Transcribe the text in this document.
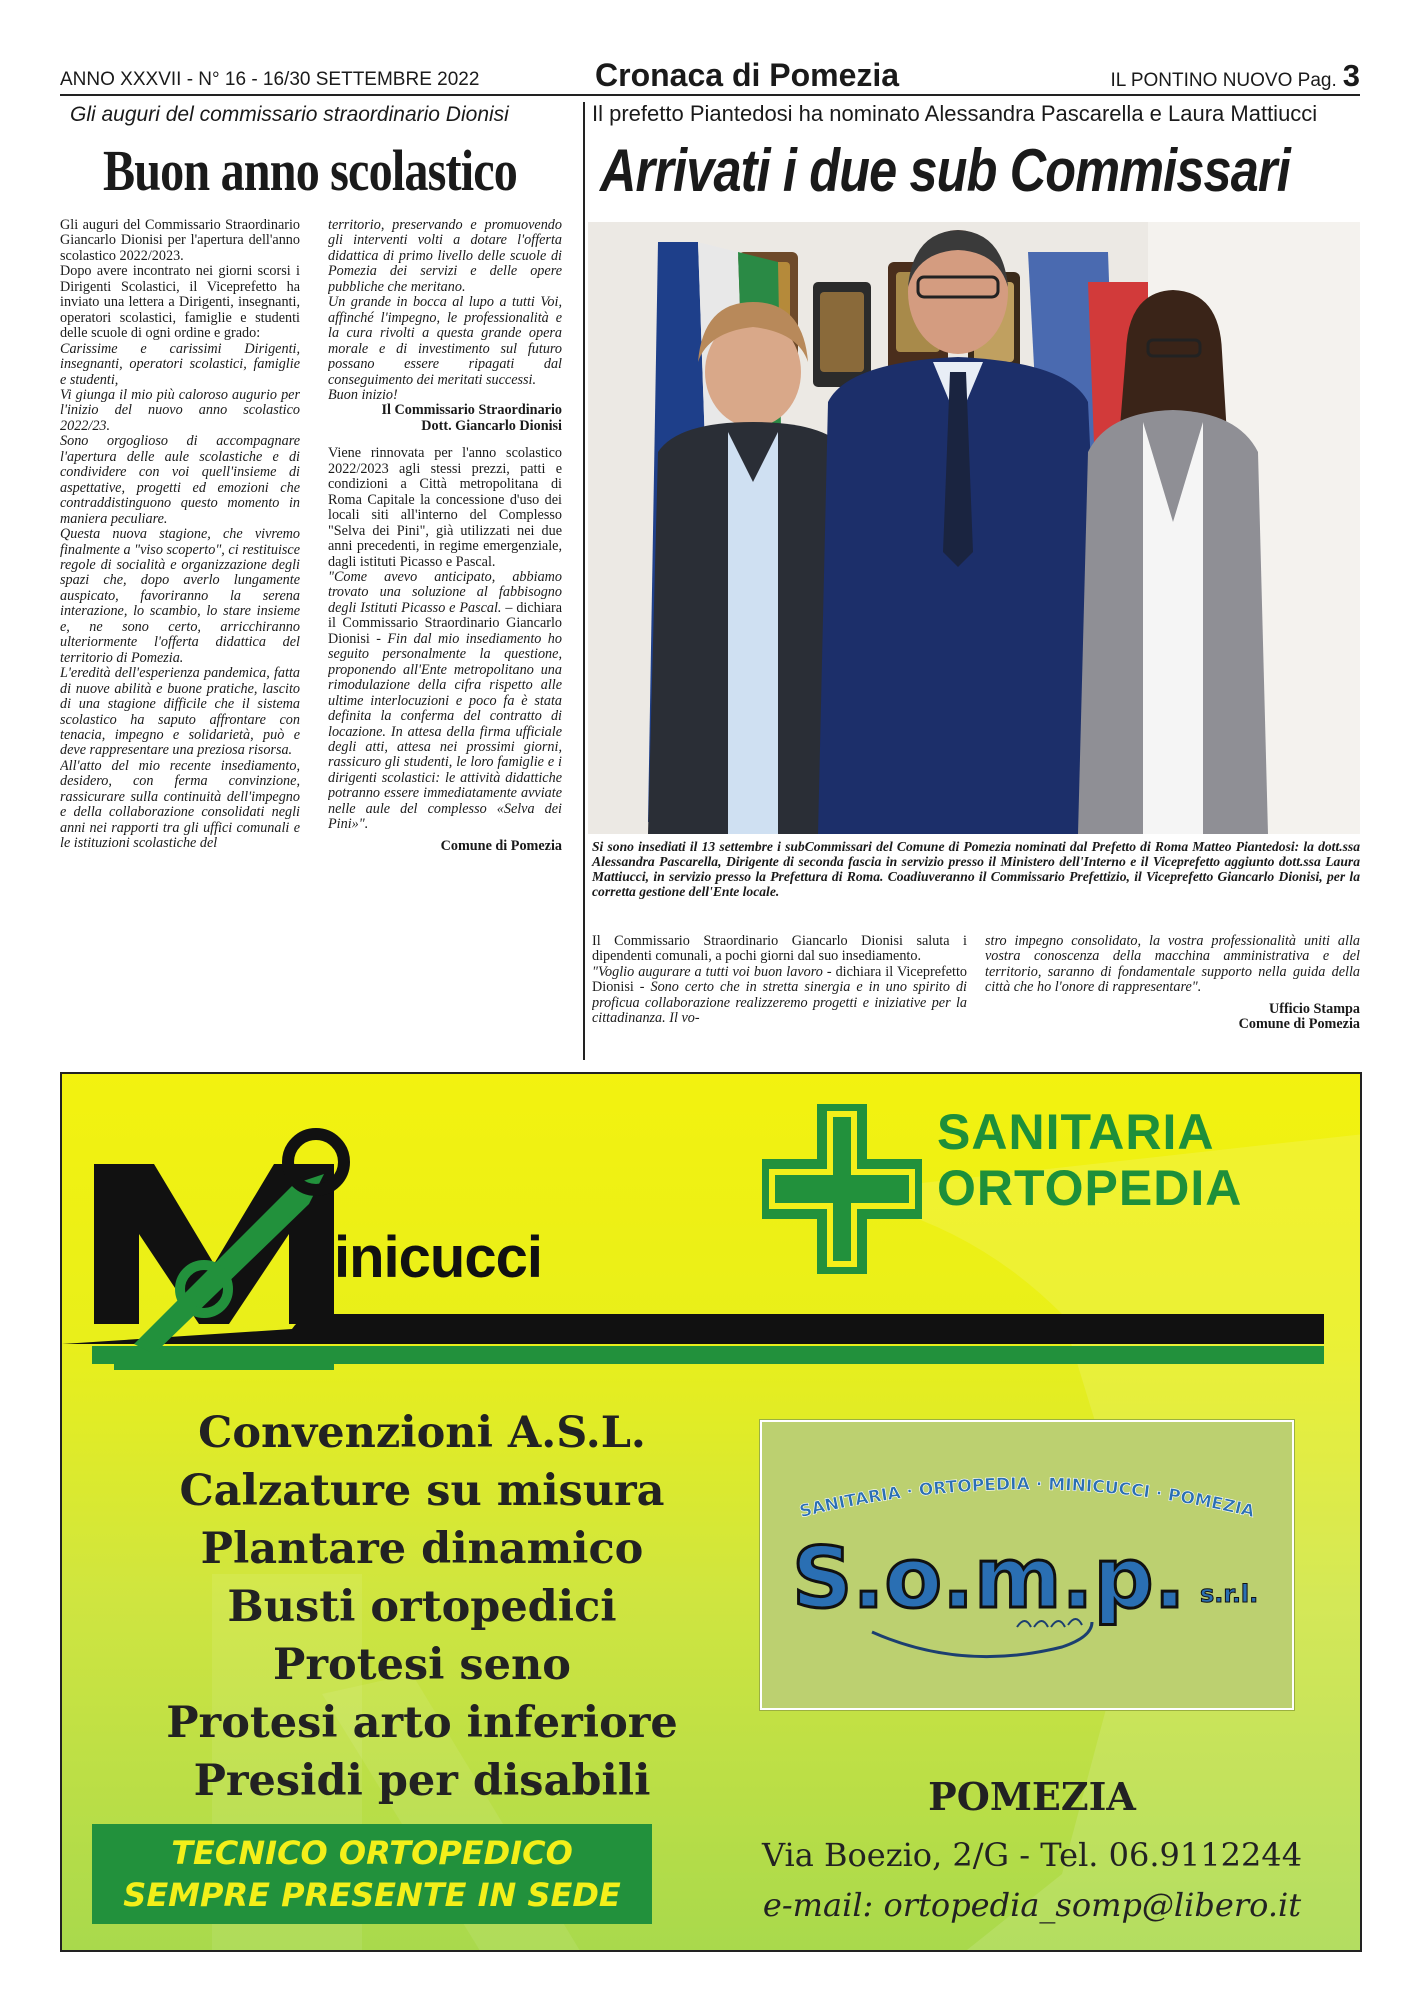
ANNO XXXVII - N° 16 - 16/30 SETTEMBRE 2022	Cronaca di Pomezia	IL PONTINO NUOVO Pag. 3
Gli auguri del commissario straordinario Dionisi
Buon anno scolastico

Gli auguri del Commissario Straordinario Giancarlo Dionisi per l'apertura dell'anno scolastico 2022/2023.

Dopo avere incontrato nei giorni scorsi i Dirigenti Scolastici, il Viceprefetto ha inviato una lettera a Dirigenti, insegnanti, operatori scolastici, famiglie e studenti delle scuole di ogni ordine e grado:

Carissime e carissimi Dirigenti, insegnanti, operatori scolastici, famiglie e studenti,

Vi giunga il mio più caloroso augurio per l'inizio del nuovo anno scolastico 2022/23.

Sono orgoglioso di accompagnare l'apertura delle aule scolastiche e di condividere con voi quell'insieme di aspettative, progetti ed emozioni che contraddistinguono questo momento in maniera peculiare.

Questa nuova stagione, che vivremo finalmente a "viso scoperto", ci restituisce regole di socialità e organizzazione degli spazi che, dopo averlo lungamente auspicato, favoriranno la serena interazione, lo scambio, lo stare insieme e, ne sono certo, arricchiranno ulteriormente l'offerta didattica del territorio di Pomezia.

L'eredità dell'esperienza pandemica, fatta di nuove abilità e buone pratiche, lascito di una stagione difficile che il sistema scolastico ha saputo affrontare con tenacia, impegno e solidarietà, può e deve rappresentare una preziosa risorsa.

All'atto del mio recente insediamento, desidero, con ferma convinzione, rassicurare sulla continuità dell'impegno e della collaborazione consolidati negli anni nei rapporti tra gli uffici comunali e le istituzioni scolastiche del

territorio, preservando e promuovendo gli interventi volti a dotare l'offerta didattica di primo livello delle scuole di Pomezia dei servizi e delle opere pubbliche che meritano.

Un grande in bocca al lupo a tutti Voi, affinché l'impegno, le professionalità e la cura rivolti a questa grande opera morale e di investimento sul futuro possano essere ripagati dal conseguimento dei meritati successi.

Buon inizio!

Il Commissario Straordinario

Dott. Giancarlo Dionisi

Viene rinnovata per l'anno scolastico 2022/2023 agli stessi prezzi, patti e condizioni a Città metropolitana di Roma Capitale la concessione d'uso dei locali siti all'interno del Complesso "Selva dei Pini", già utilizzati nei due anni precedenti, in regime emergenziale, dagli istituti Picasso e Pascal.

"Come avevo anticipato, abbiamo trovato una soluzione al fabbisogno degli Istituti Picasso e Pascal. – dichiara il Commissario Straordinario Giancarlo Dionisi - Fin dal mio insediamento ho seguito personalmente la questione, proponendo all'Ente metropolitano una rimodulazione della cifra rispetto alle ultime interlocuzioni e poco fa è stata definita la conferma del contratto di locazione. In attesa della firma ufficiale degli atti, attesa nei prossimi giorni, rassicuro gli studenti, le loro famiglie e i dirigenti scolastici: le attività didattiche potranno essere immediatamente avviate nelle aule del complesso «Selva dei Pini»".

Comune di Pomezia

Il prefetto Piantedosi ha nominato Alessandra Pascarella e Laura Mattiucci
Arrivati i due sub Commissari
Si sono insediati il 13 settembre i subCommissari del Comune di Pomezia nominati dal Prefetto di Roma Matteo Piantedosi: la dott.ssa Alessandra Pascarella, Dirigente di seconda fascia in servizio presso il Ministero dell'Interno e il Viceprefetto aggiunto dott.ssa Laura Mattiucci, in servizio presso la Prefettura di Roma. Coadiuveranno il Commissario Prefettizio, il Viceprefetto Giancarlo Dionisi, per la corretta gestione dell'Ente locale.

Il Commissario Straordinario Giancarlo Dionisi saluta i dipendenti comunali, a pochi giorni dal suo insediamento.

"Voglio augurare a tutti voi buon lavoro - dichiara il Viceprefetto Dionisi - Sono certo che in stretta sinergia e in uno spirito di proficua collaborazione realizzeremo progetti e iniziative per la cittadinanza. Il vo-

stro impegno consolidato, la vostra professionalità uniti alla vostra conoscenza della macchina amministrativa e del territorio, saranno di fondamentale supporto nella guida della città che ho l'onore di rappresentare".

Ufficio Stampa

Comune di Pomezia

inicucci
SANITARIA
ORTOPEDIA
Convenzioni A.S.L.
Calzature su misura
Plantare dinamico
Busti ortopedici
Protesi seno
Protesi arto inferiore
Presidi per disabili
TECNICO ORTOPEDICO
SEMPRE PRESENTE IN SEDE
SANITARIA · ORTOPEDIA · MINICUCCI · POMEZIA
S.o.m.p. s.r.l.
POMEZIA
Via Boezio, 2/G - Tel. 06.9112244
e-mail: ortopedia_somp@libero.it
